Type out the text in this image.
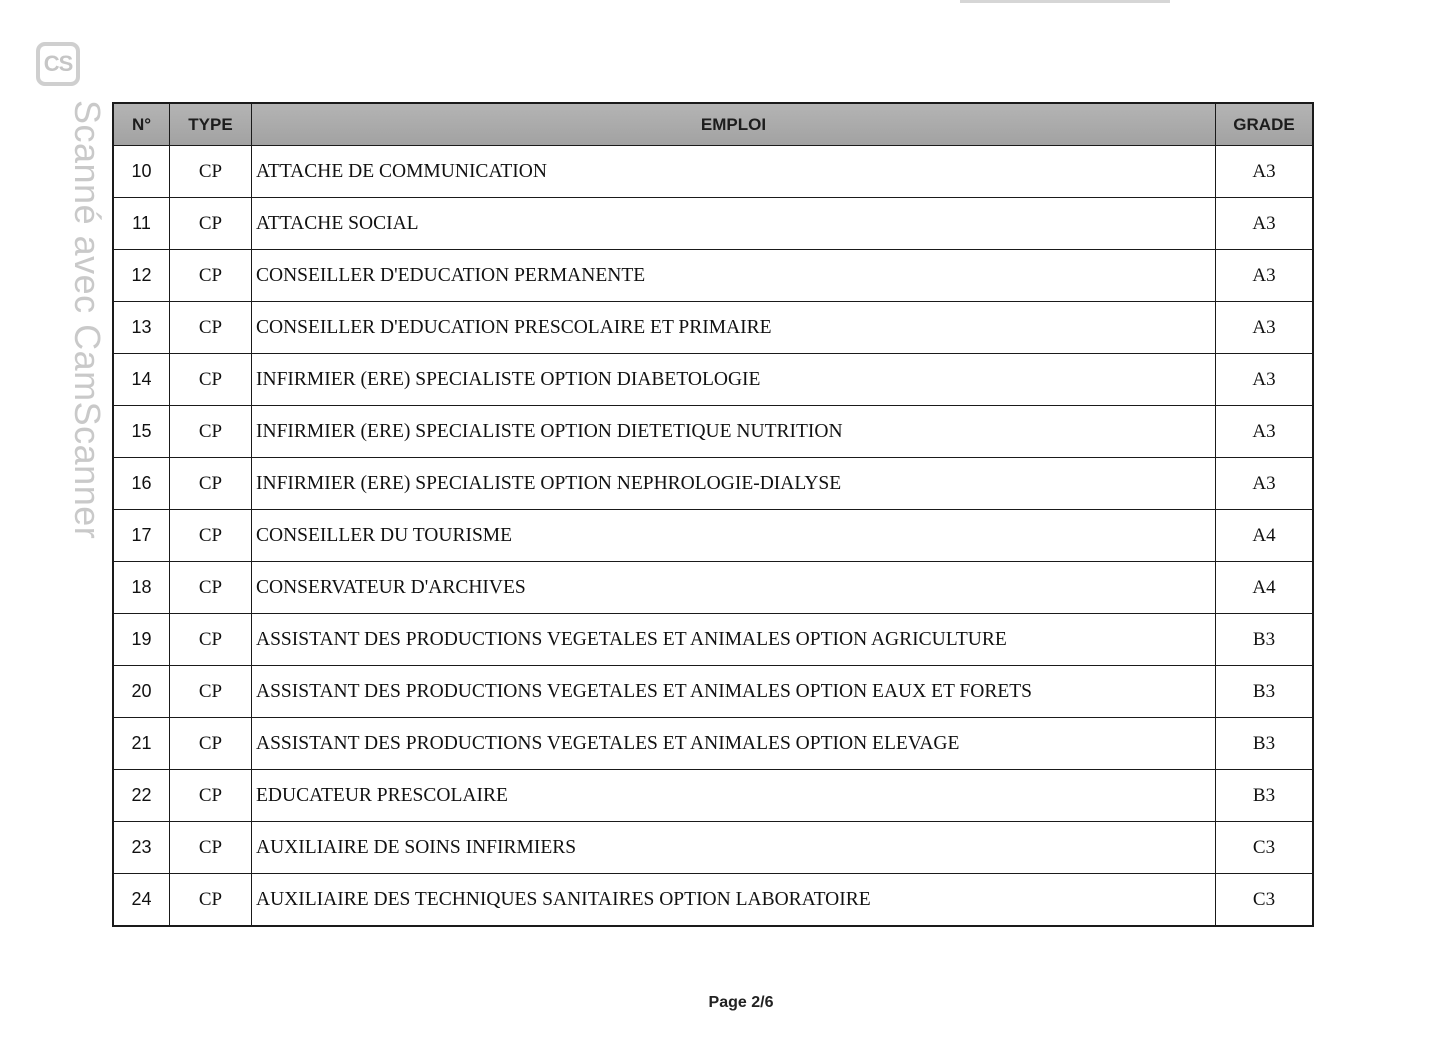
CS
Scanné avec CamScanner	N°	TYPE	EMPLOI	GRADE
10	CP	ATTACHE DE COMMUNICATION	A3
11	CP	ATTACHE SOCIAL	A3
12	CP	CONSEILLER D'EDUCATION PERMANENTE	A3
13	CP	CONSEILLER D'EDUCATION PRESCOLAIRE ET PRIMAIRE	A3
14	CP	INFIRMIER (ERE) SPECIALISTE OPTION DIABETOLOGIE	A3
15	CP	INFIRMIER (ERE) SPECIALISTE OPTION DIETETIQUE NUTRITION	A3
16	CP	INFIRMIER (ERE) SPECIALISTE OPTION NEPHROLOGIE-DIALYSE	A3
17	CP	CONSEILLER DU TOURISME	A4
18	CP	CONSERVATEUR D'ARCHIVES	A4
19	CP	ASSISTANT DES PRODUCTIONS VEGETALES ET ANIMALES OPTION AGRICULTURE	B3
20	CP	ASSISTANT DES PRODUCTIONS VEGETALES ET ANIMALES OPTION EAUX ET FORETS	B3
21	CP	ASSISTANT DES PRODUCTIONS VEGETALES ET ANIMALES OPTION ELEVAGE	B3
22	CP	EDUCATEUR PRESCOLAIRE	B3
23	CP	AUXILIAIRE DE SOINS INFIRMIERS	C3
24	CP	AUXILIAIRE DES TECHNIQUES SANITAIRES OPTION LABORATOIRE	C3
Page 2/6
